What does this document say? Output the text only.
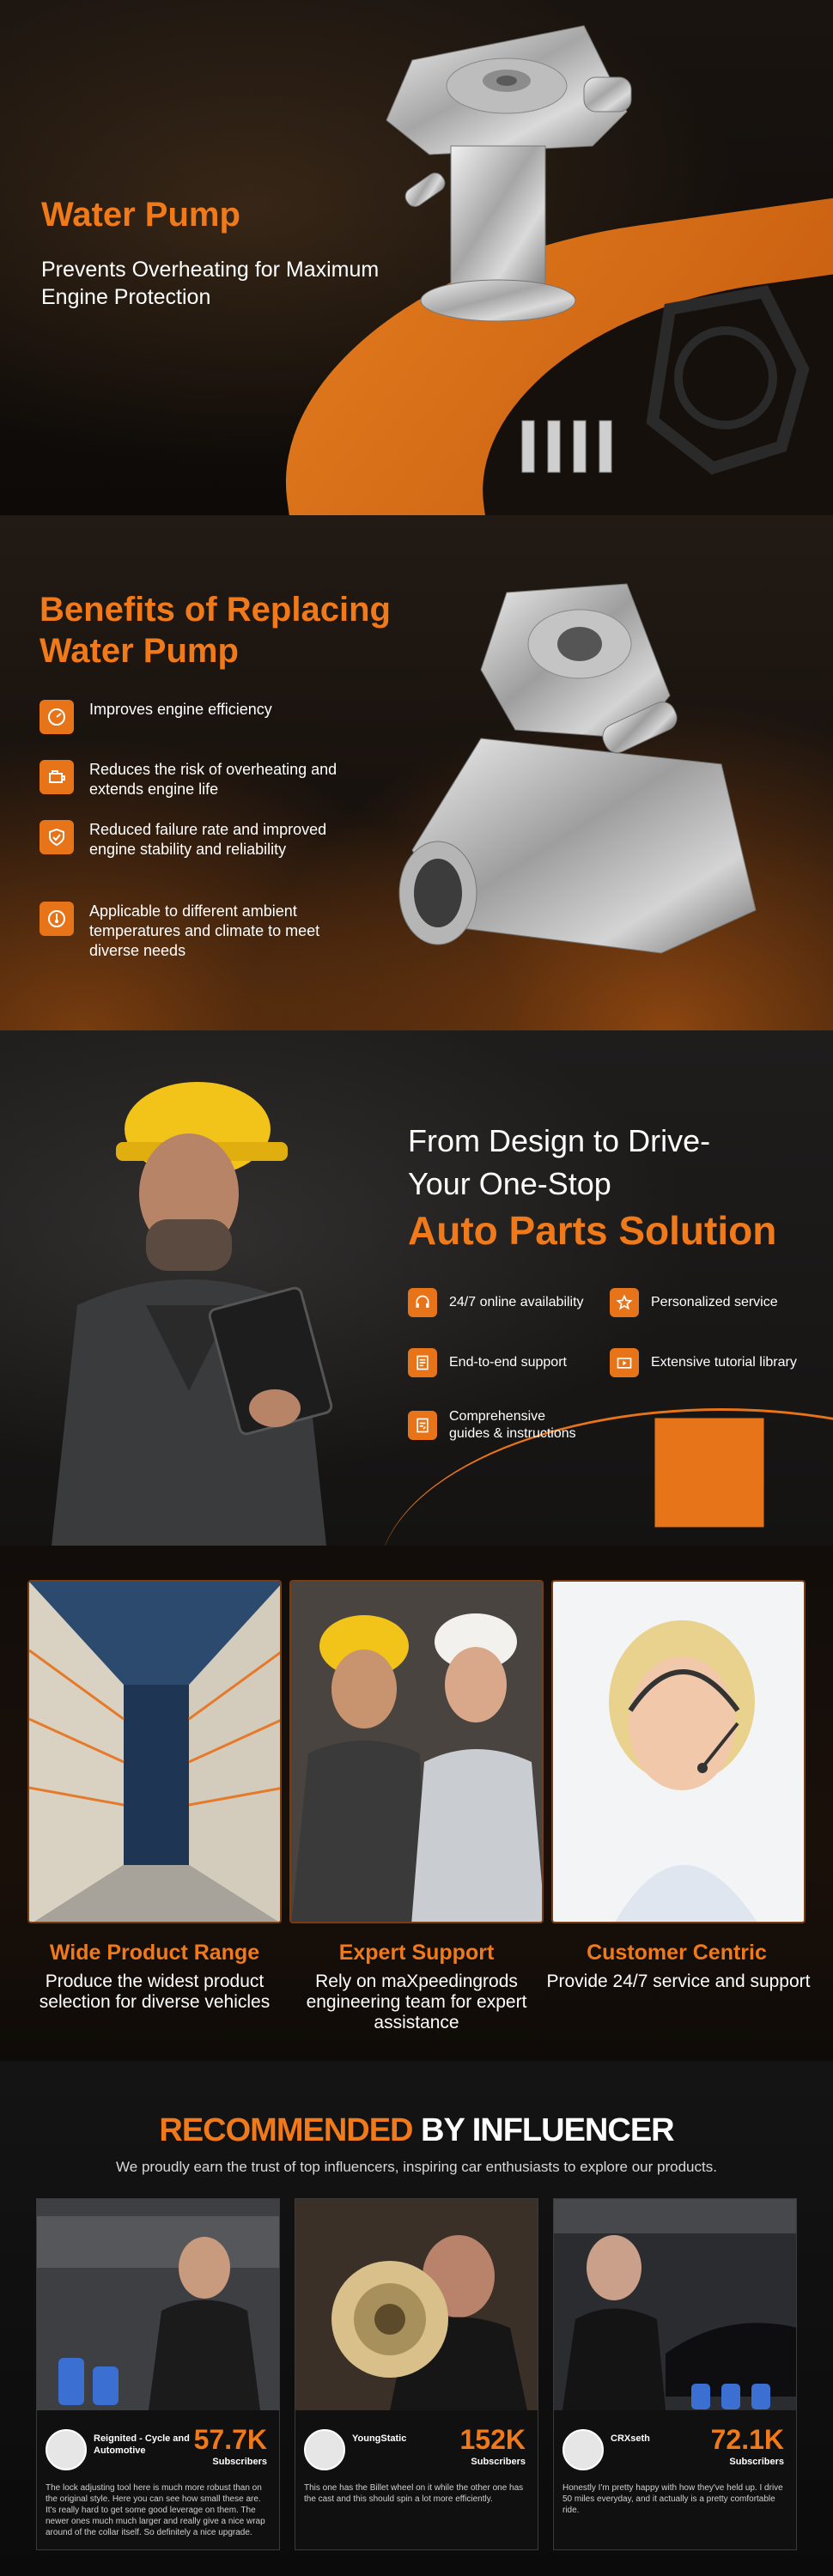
Water Pump
Prevents Overheating for Maximum Engine Protection
Benefits of Replacing Water Pump
Improves engine efficiency
Reduces the risk of overheating and extends engine life
Reduced failure rate and improved engine stability and reliability
Applicable to different ambient temperatures and climate to meet diverse needs
From Design to Drive-
Your One-Stop
Auto Parts Solution
24/7 online availability	Personalized service
End-to-end support	Extensive tutorial library
Comprehensive guides & instructions
Wide Product Range
Produce the widest product selection for diverse vehicles
Expert Support
Rely on maXpeedingrods engineering team for expert assistance
Customer Centric
Provide 24/7 service and support
RECOMMENDED BY INFLUENCER
We proudly earn the trust of top influencers, inspiring car enthusiasts to explore our products.
Reignited - Cycle and Automotive	57.7K
Subscribers
The lock adjusting tool here is much more robust than on the original style. Here you can see how small these are. It's really hard to get some good leverage on them. The newer ones much much larger and really give a nice wrap around of the collar itself. So definitely a nice upgrade.
YoungStatic	152K
Subscribers
This one has the Billet wheel on it while the other one has the cast and this should spin a lot more efficiently.
CRXseth	72.1K
Subscribers
Honestly I'm pretty happy with how they've held up. I drive 50 miles everyday, and it actually is a pretty comfortable ride.
